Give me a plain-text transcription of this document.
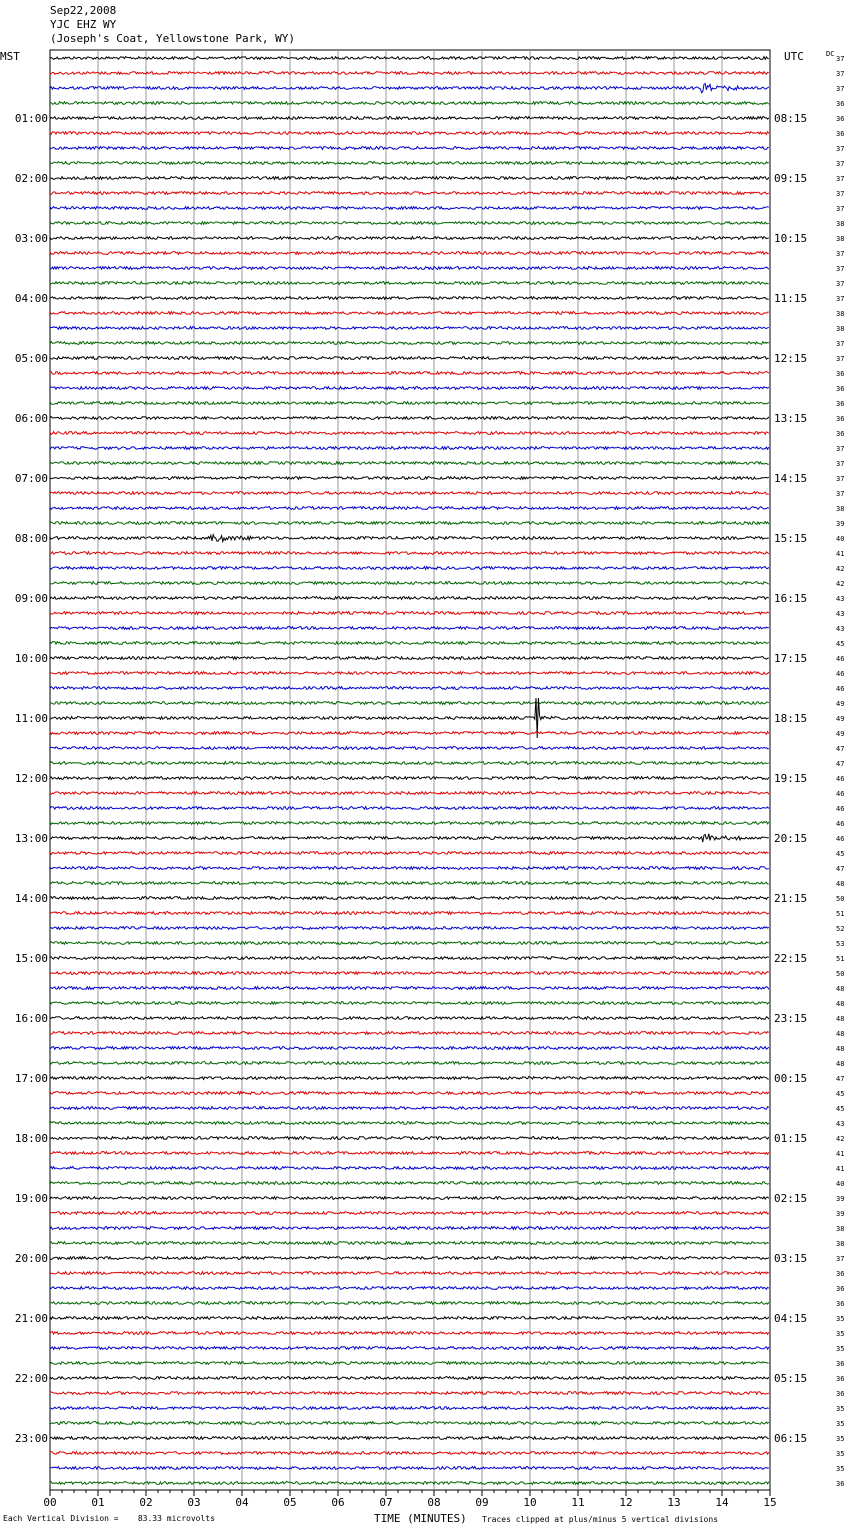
Sep22,2008
YJC EHZ WY
(Joseph's Coat, Yellowstone Park, WY)
00	01	02	03	04	05	06	07	08	09	10	11	12	13	14	15
37
37
37
36
36
36
37
37
37
37
37
38
38
37
37
37
37
38
38
37
37
36
36
36
36
36
37
37
37
37
38
39
40
41
42
42
43
43
43
45
46
46
46
49
49
49
47
47
46
46
46
46
46
45
47
48
50
51
52
53
51
50
48
48
48
48
48
48
47
45
45
43
42
41
41
40
39
39
38
38
37
36
36
36
35
35
35
36
36
36
35
35
35
35
35
36
MST	UTC	DC
01:00	08:15
02:00	09:15
03:00	10:15
04:00	11:15
05:00	12:15
06:00	13:15
07:00	14:15
08:00	15:15
09:00	16:15
10:00	17:15
11:00	18:15
12:00	19:15
13:00	20:15
14:00	21:15
15:00	22:15
16:00	23:15
17:00	00:15
18:00	01:15
19:00	02:15
20:00	03:15
21:00	04:15
22:00	05:15
23:00	06:15
Each Vertical Division =    83.33 microvolts	TIME (MINUTES) Traces clipped at plus/minus 5 vertical divisions
